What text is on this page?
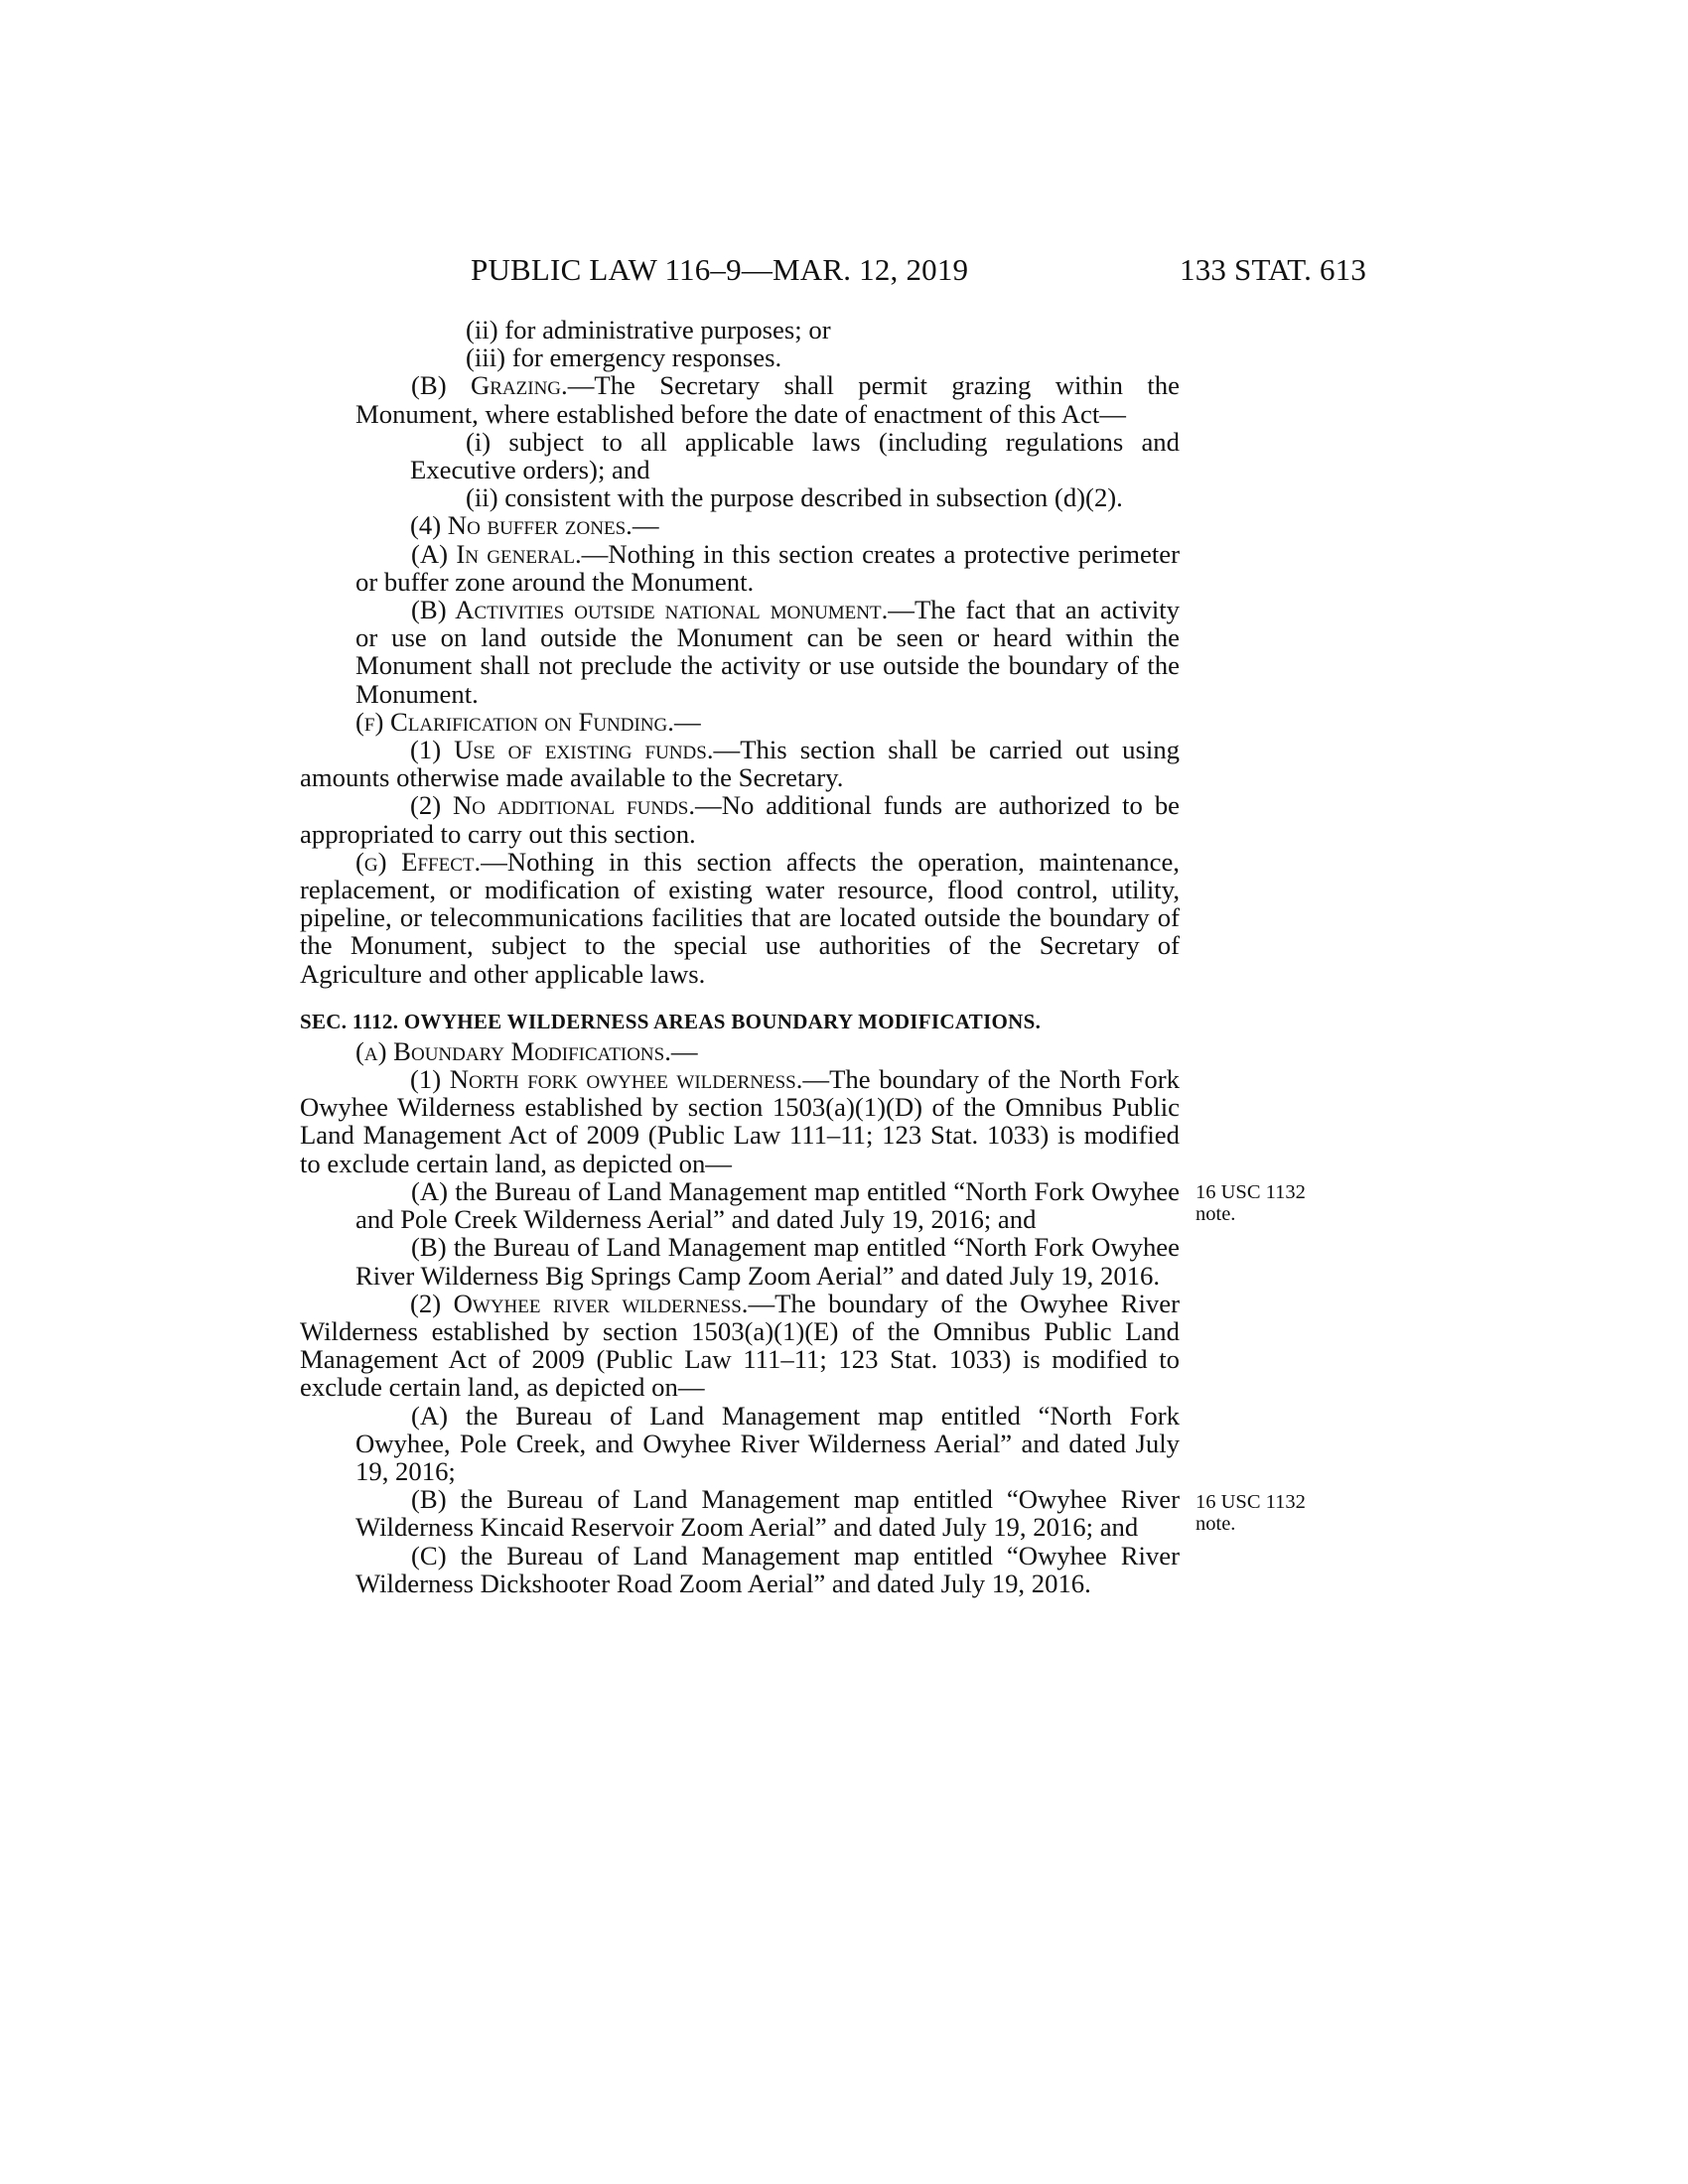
PUBLIC LAW 116–9—MAR. 12, 2019	133 STAT. 613

(ii) for administrative purposes; or

(iii) for emergency responses.

(B) Grazing.—The Secretary shall permit grazing within the Monument, where established before the date of enactment of this Act—

(i) subject to all applicable laws (including regulations and Executive orders); and

(ii) consistent with the purpose described in subsection (d)(2).

(4) No buffer zones.—

(A) In general.—Nothing in this section creates a protective perimeter or buffer zone around the Monument.

(B) Activities outside national monument.—The fact that an activity or use on land outside the Monument can be seen or heard within the Monument shall not preclude the activity or use outside the boundary of the Monument.

(f) Clarification on Funding.—

(1) Use of existing funds.—This section shall be carried out using amounts otherwise made available to the Secretary.

(2) No additional funds.—No additional funds are authorized to be appropriated to carry out this section.

(g) Effect.—Nothing in this section affects the operation, maintenance, replacement, or modification of existing water resource, flood control, utility, pipeline, or telecommunications facilities that are located outside the boundary of the Monument, subject to the special use authorities of the Secretary of Agriculture and other applicable laws.

SEC. 1112. OWYHEE WILDERNESS AREAS BOUNDARY MODIFICATIONS.

(a) Boundary Modifications.—

(1) North fork owyhee wilderness.—The boundary of the North Fork Owyhee Wilderness established by section 1503(a)(1)(D) of the Omnibus Public Land Management Act of 2009 (Public Law 111–11; 123 Stat. 1033) is modified to exclude certain land, as depicted on—

(A) the Bureau of Land Management map entitled “North Fork Owyhee and Pole Creek Wilderness Aerial” and dated July 19, 2016; and

(B) the Bureau of Land Management map entitled “North Fork Owyhee River Wilderness Big Springs Camp Zoom Aerial” and dated July 19, 2016.

(2) Owyhee river wilderness.—The boundary of the Owyhee River Wilderness established by section 1503(a)(1)(E) of the Omnibus Public Land Management Act of 2009 (Public Law 111–11; 123 Stat. 1033) is modified to exclude certain land, as depicted on—

(A) the Bureau of Land Management map entitled “North Fork Owyhee, Pole Creek, and Owyhee River Wilderness Aerial” and dated July 19, 2016;

(B) the Bureau of Land Management map entitled “Owyhee River Wilderness Kincaid Reservoir Zoom Aerial” and dated July 19, 2016; and

(C) the Bureau of Land Management map entitled “Owyhee River Wilderness Dickshooter Road Zoom Aerial” and dated July 19, 2016.

16 USC 1132
note.
16 USC 1132
note.
